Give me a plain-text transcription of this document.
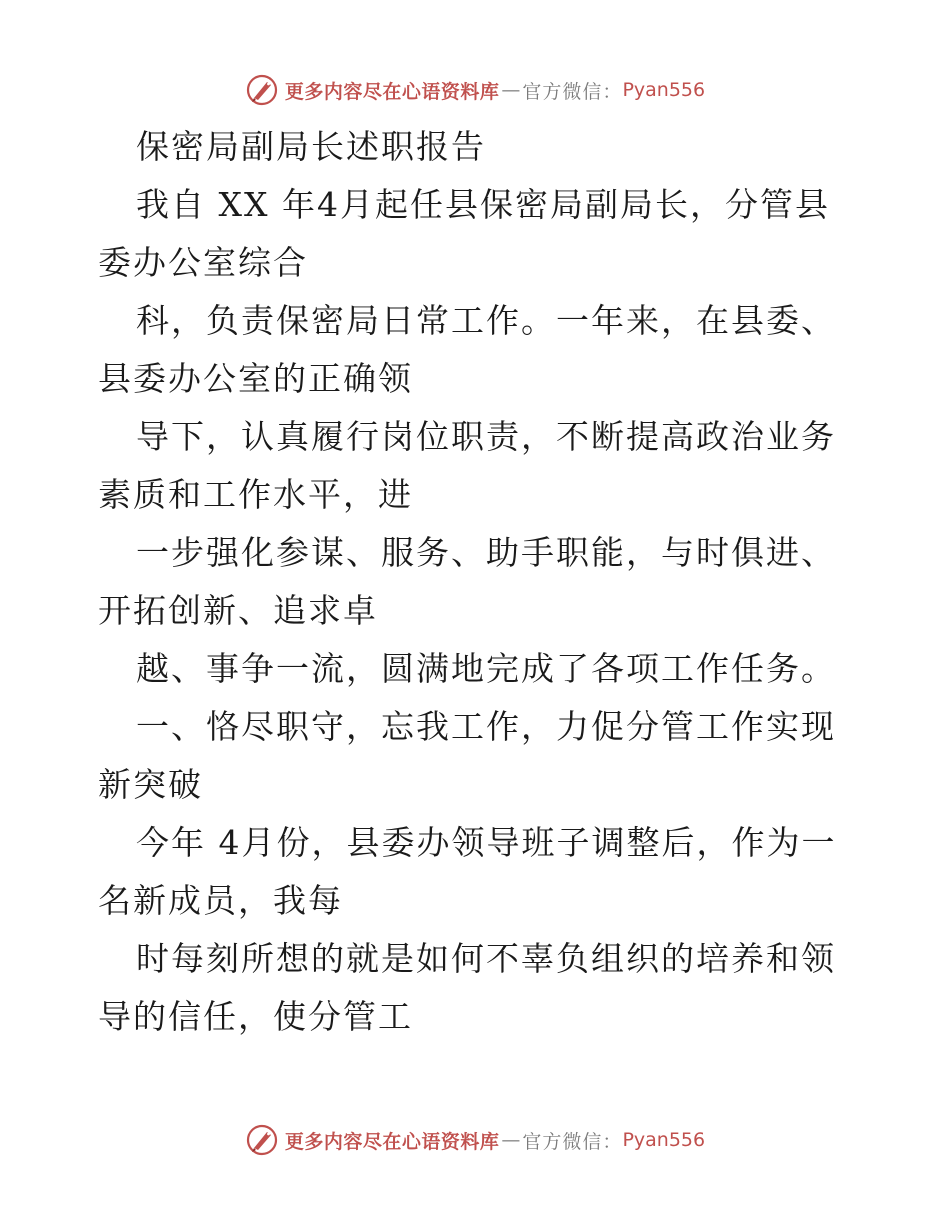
更多内容尽在心语资料库 — 官方微信： Pyan556

保密局副局长述职报告

我自 XX 年4月起任县保密局副局长，分管县委办公室综合

科，负责保密局日常工作。一年来，在县委、县委办公室的正确领

导下，认真履行岗位职责，不断提高政治业务素质和工作水平，进

一步强化参谋、服务、助手职能，与时俱进、开拓创新、追求卓

越、事争一流，圆满地完成了各项工作任务。

一、恪尽职守，忘我工作，力促分管工作实现新突破

今年 4月份，县委办领导班子调整后，作为一名新成员，我每

时每刻所想的就是如何不辜负组织的培养和领导的信任，使分管工

更多内容尽在心语资料库 — 官方微信： Pyan556
